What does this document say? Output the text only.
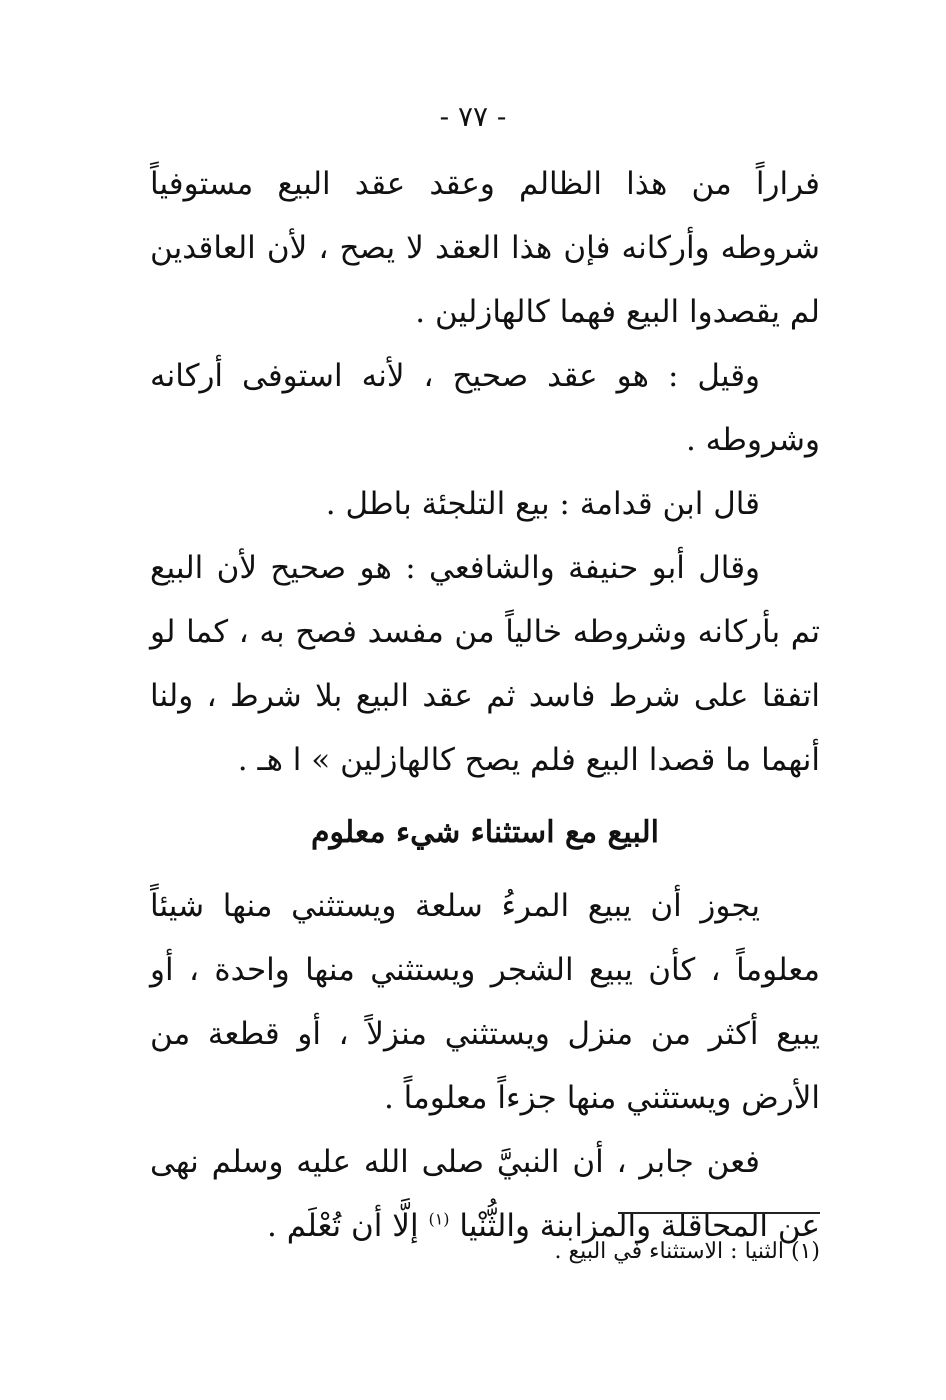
- ٧٧ -

فراراً من هذا الظالم وعقد عقد البيع مستوفياً شروطه وأركانه فإن هذا العقد لا يصح ، لأن العاقدين لم يقصدوا البيع فهما كالهازلين .

وقيل : هو عقد صحيح ، لأنه استوفى أركانه وشروطه .

قال ابن قدامة : بيع التلجئة باطل .

وقال أبو حنيفة والشافعي : هو صحيح لأن البيع تم بأركانه وشروطه خالياً من مفسد فصح به ، كما لو اتفقا على شرط فاسد ثم عقد البيع بلا شرط ، ولنا أنهما ما قصدا البيع فلم يصح كالهازلين » ا هـ .

البيع مع استثناء شيء معلوم

يجوز أن يبيع المرءُ سلعة ويستثني منها شيئاً معلوماً ، كأن يبيع الشجر ويستثني منها واحدة ، أو يبيع أكثر من منزل ويستثني منزلاً ، أو قطعة من الأرض ويستثني منها جزءاً معلوماً .

فعن جابر ، أن النبيَّ صلى الله عليه وسلم نهى عن المحاقلة والمزابنة والثُّنْيا $^{(١)}$ إلَّا أن تُعْلَم .

(١) الثنيا : الاستثناء في البيع .
